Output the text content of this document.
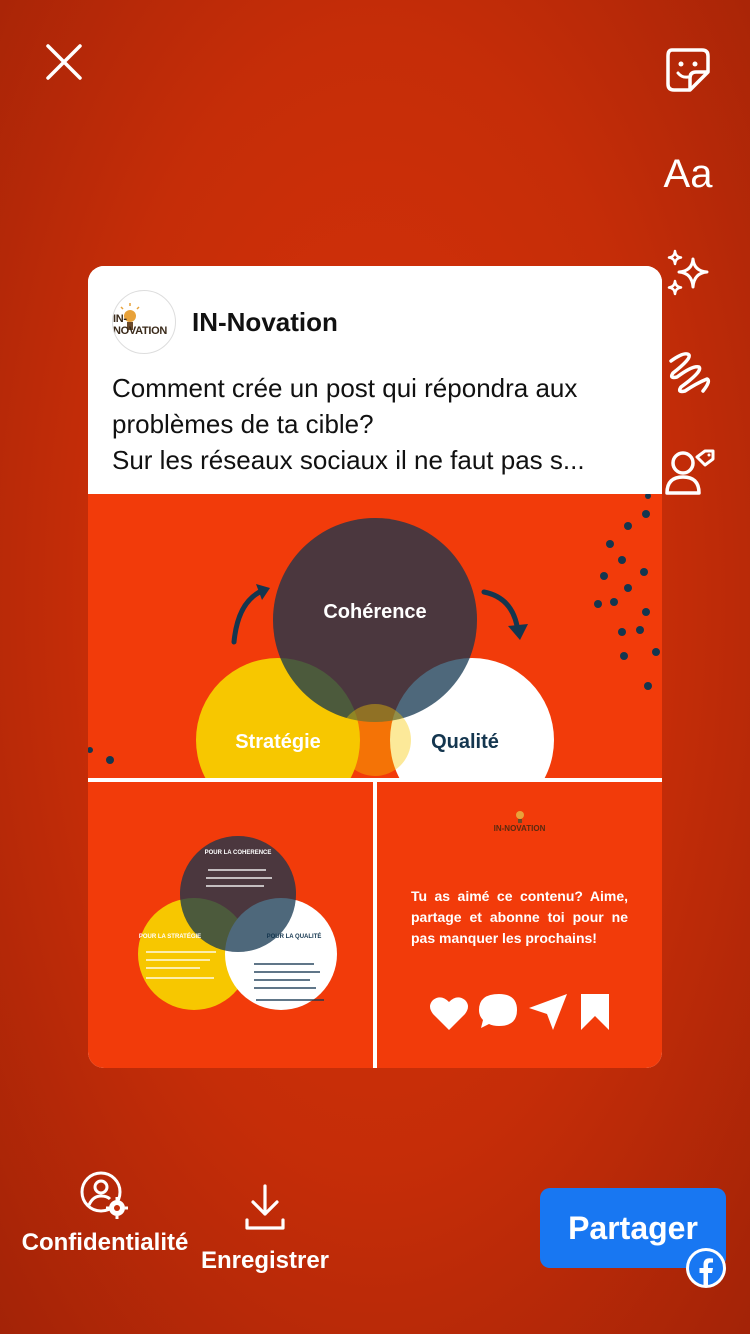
Aa
IN-NOVATION IN-Novation
Comment crée un post qui répondra aux
problèmes de ta cible?
Sur les réseaux sociaux il ne faut pas s...
Cohérence
Stratégie	Qualité
POUR LA COHERENCE
POUR LA STRATÉGIE	POUR LA QUALITÉ
IN-NOVATION
Tu as aimé ce contenu? Aime, partage et abonne toi pour ne pas manquer les prochains!
Confidentialité
Enregistrer
Partager
